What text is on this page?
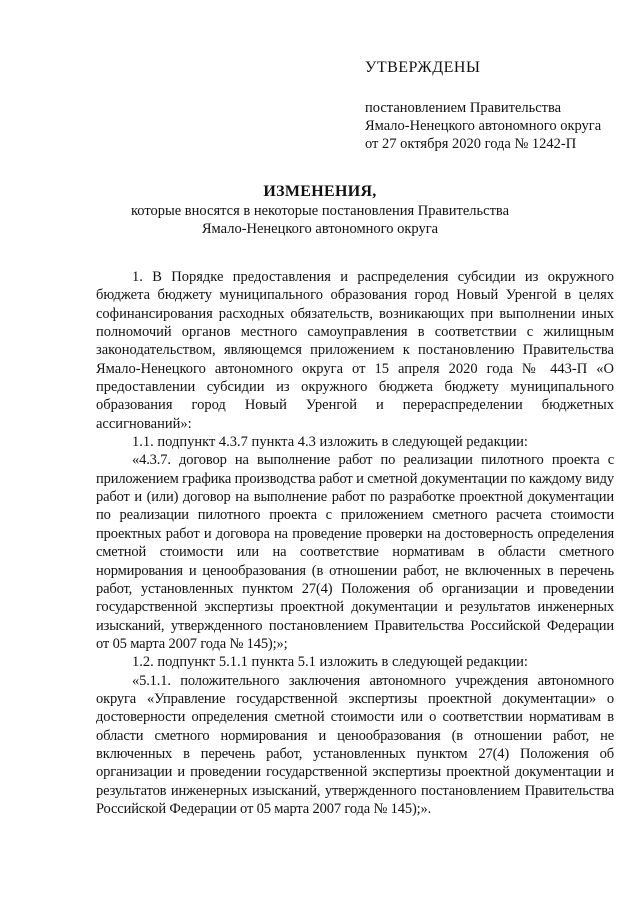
УТВЕРЖДЕНЫ

постановлением Правительства

Ямало-Ненецкого автономного округа

от 27 октября 2020 года № 1242-П

ИЗМЕНЕНИЯ,

которые вносятся в некоторые постановления Правительства

Ямало-Ненецкого автономного округа

1. В Порядке предоставления и распределения субсидии из окружного бюджета бюджету муниципального образования город Новый Уренгой в целях софинансирования расходных обязательств, возникающих при выполнении иных полномочий органов местного самоуправления в соответствии с жилищным законодательством, являющемся приложением к постановлению Правительства Ямало-Ненецкого автономного округа от 15 апреля 2020 года № 443-П «О предоставлении субсидии из окружного бюджета бюджету муниципального образования город Новый Уренгой и перераспределении бюджетных ассигнований»:

1.1. подпункт 4.3.7 пункта 4.3 изложить в следующей редакции:

«4.3.7. договор на выполнение работ по реализации пилотного проекта с приложением графика производства работ и сметной документации по каждому виду работ и (или) договор на выполнение работ по разработке проектной документации по реализации пилотного проекта с приложением сметного расчета стоимости проектных работ и договора на проведение проверки на достоверность определения сметной стоимости или на соответствие нормативам в области сметного нормирования и ценообразования (в отношении работ, не включенных в перечень работ, установленных пунктом 27(4) Положения об организации и проведении государственной экспертизы проектной документации и результатов инженерных изысканий, утвержденного постановлением Правительства Российской Федерации от 05 марта 2007 года № 145);»;

1.2. подпункт 5.1.1 пункта 5.1 изложить в следующей редакции:

«5.1.1. положительного заключения автономного учреждения автономного округа «Управление государственной экспертизы проектной документации» о достоверности определения сметной стоимости или о соответствии нормативам в области сметного нормирования и ценообразования (в отношении работ, не включенных в перечень работ, установленных пунктом 27(4) Положения об организации и проведении государственной экспертизы проектной документации и результатов инженерных изысканий, утвержденного постановлением Правительства Российской Федерации от 05 марта 2007 года № 145);».
